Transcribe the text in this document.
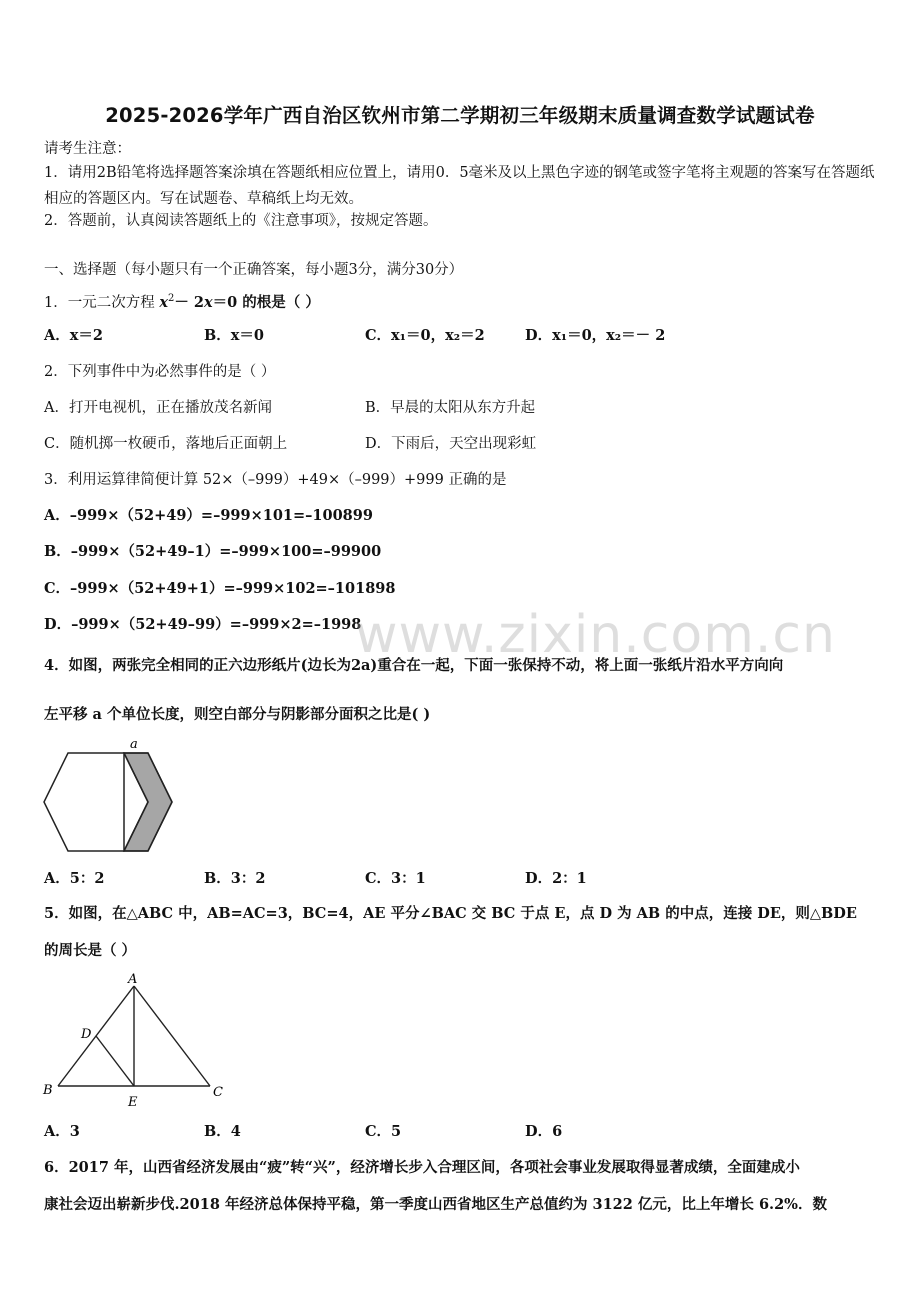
2025-2026学年广西自治区钦州市第二学期初三年级期末质量调查数学试题试卷
请考生注意：
1．请用2B铅笔将选择题答案涂填在答题纸相应位置上，请用0．5毫米及以上黑色字迹的钢笔或签字笔将主观题的答案写在答题纸相应的答题区内。写在试题卷、草稿纸上均无效。
2．答题前，认真阅读答题纸上的《注意事项》，按规定答题。
一、选择题（每小题只有一个正确答案，每小题3分，满分30分）
1．一元二次方程 $x^2- 2x=0$ 的根是（ ）
A．x＝2	B．x＝0	C．x₁＝0，x₂＝2	D．x₁＝0，x₂＝－ 2
2．下列事件中为必然事件的是（ ）
A．打开电视机，正在播放茂名新闻	B．早晨的太阳从东方升起
C．随机掷一枚硬币，落地后正面朝上	D．下雨后，天空出现彩虹
3．利用运算律简便计算 52×（–999）+49×（–999）+999 正确的是
A．–999×（52+49）=–999×101=–100899
B．–999×（52+49–1）=–999×100=–99900
C．–999×（52+49+1）=–999×102=–101898
D．–999×（52+49–99）=–999×2=–1998
www.zixin.com.cn
4．如图，两张完全相同的正六边形纸片(边长为2a)重合在一起，下面一张保持不动，将上面一张纸片沿水平方向向
左平移 a 个单位长度，则空白部分与阴影部分面积之比是( )
a
A．5：2	B．3：2	C．3：1	D．2：1
5．如图，在△ABC 中，AB=AC=3，BC=4，AE 平分∠BAC 交 BC 于点 E，点 D 为 AB 的中点，连接 DE，则△BDE
的周长是（ ）
A
B	C
D
E
A．3	B．4	C．5	D．6
6．2017 年，山西省经济发展由“疲”转“兴”，经济增长步入合理区间，各项社会事业发展取得显著成绩，全面建成小
康社会迈出崭新步伐.2018 年经济总体保持平稳，第一季度山西省地区生产总值约为 3122 亿元，比上年增长 6.2%．数
